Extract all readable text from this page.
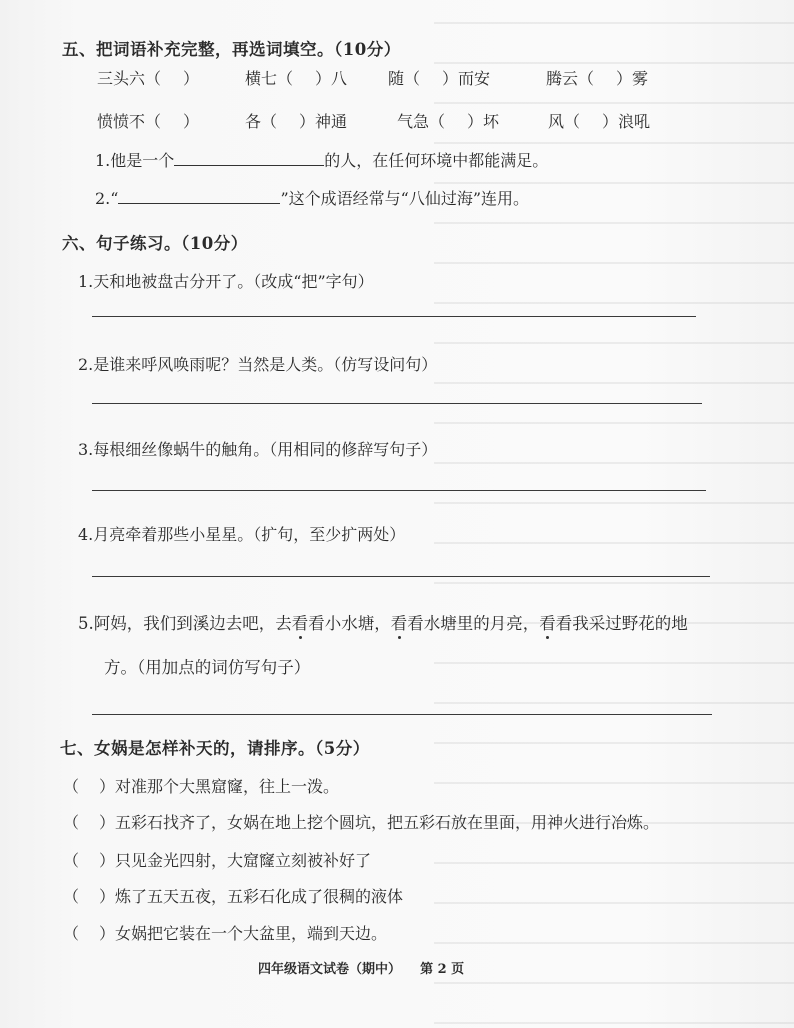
五、把词语补充完整，再选词填空。（10分）
三头六（ ）	横七（ ）八	随（ ）而安	腾云（ ）雾
愤愤不（ ）	各（ ）神通	气急（ ）坏	风（ ）浪吼
1.他是一个	的人，在任何环境中都能满足。
2.“	”这个成语经常与“八仙过海”连用。
六、句子练习。（10分）
1.天和地被盘古分开了。（改成“把”字句）
2.是谁来呼风唤雨呢？当然是人类。（仿写设问句）
3.每根细丝像蜗牛的触角。（用相同的修辞写句子）
4.月亮牵着那些小星星。（扩句，至少扩两处）
5.阿妈，我们到溪边去吧，去看看小水塘，看看水塘里的月亮，看看我采过野花的地
方。（用加点的词仿写句子）
七、女娲是怎样补天的，请排序。（5分）
（ ）对准那个大黑窟窿，往上一泼。
（ ）五彩石找齐了，女娲在地上挖个圆坑，把五彩石放在里面，用神火进行冶炼。
（ ）只见金光四射，大窟窿立刻被补好了
（ ）炼了五天五夜，五彩石化成了很稠的液体
（ ）女娲把它装在一个大盆里，端到天边。
四年级语文试卷（期中） 第 2 页
